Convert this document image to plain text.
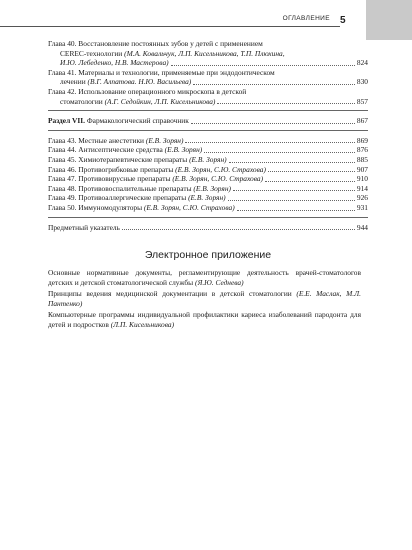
ОГЛАВЛЕНИЕ 5
Глава 40. Восстановление постоянных зубов у детей с применением
CEREC-технологии (М.А. Ковальчук, Л.П. Кисельникова, Т.П. Плюхина,
И.Ю. Лебеденко, Н.В. Мастерова)	824
Глава 41. Материалы и технологии, применяемые при эндодонтическом
лечении (В.Г. Алпатова. Н.Ю. Васильева)	830
Глава 42. Использование операционного микроскопа в детской
стоматологии (А.Г. Седойкин, Л.П. Кисельникова)	857
Раздел VII. Фармакологический справочник	867
Глава 43. Местные анестетики (Е.В. Зорян)	869
Глава 44. Антисептические средства (Е.В. Зорян)	876
Глава 45. Химиотерапевтические препараты (Е.В. Зорян)	885
Глава 46. Противогрибковые препараты (Е.В. Зорян, С.Ю. Страхова)	907
Глава 47. Противовирусные препараты (Е.В. Зорян, С.Ю. Страхова)	910
Глава 48. Противовоспалительные препараты (Е.В. Зорян)	914
Глава 49. Противоаллергические препараты (Е.В. Зорян)	926
Глава 50. Иммуномодуляторы (Е.В. Зорян, С.Ю. Страхова)	931
Предметный указатель	944
Электронное приложение

Основные нормативные документы, регламентирующие деятельность врачей-стоматологов детских и детской стоматологической службы (Я.Ю. Седнева)

Принципы ведения медицинской документации в детской стоматологии (Е.Е. Маслак, М.Л. Пантенко)

Компьютерные программы индивидуальной профилактики кариеса изаболеваний пародонта для детей и подростков (Л.П. Кисельникова)
